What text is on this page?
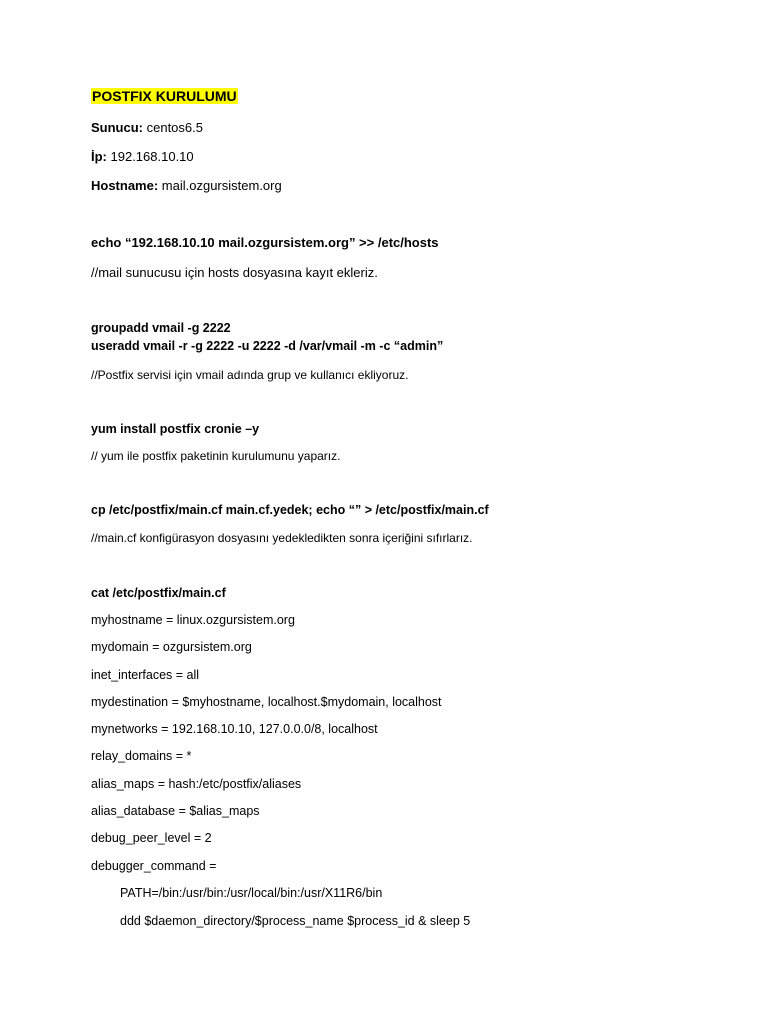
POSTFIX KURULUMU
Sunucu: centos6.5
İp: 192.168.10.10
Hostname: mail.ozgursistem.org
echo “192.168.10.10 mail.ozgursistem.org” >> /etc/hosts
//mail sunucusu için hosts dosyasına kayıt ekleriz.
groupadd vmail -g 2222
useradd vmail -r -g 2222 -u 2222 -d /var/vmail -m -c “admin”
//Postfix servisi için vmail adında grup ve kullanıcı ekliyoruz.
yum install postfix cronie –y
// yum ile postfix paketinin kurulumunu yaparız.
cp /etc/postfix/main.cf main.cf.yedek; echo “” > /etc/postfix/main.cf
//main.cf konfigürasyon dosyasını yedekledikten sonra içeriğini sıfırlarız.
cat /etc/postfix/main.cf
myhostname = linux.ozgursistem.org
mydomain = ozgursistem.org
inet_interfaces = all
mydestination = $myhostname, localhost.$mydomain, localhost
mynetworks = 192.168.10.10, 127.0.0.0/8, localhost
relay_domains = *
alias_maps = hash:/etc/postfix/aliases
alias_database = $alias_maps
debug_peer_level = 2
debugger_command =
PATH=/bin:/usr/bin:/usr/local/bin:/usr/X11R6/bin
ddd $daemon_directory/$process_name $process_id & sleep 5
